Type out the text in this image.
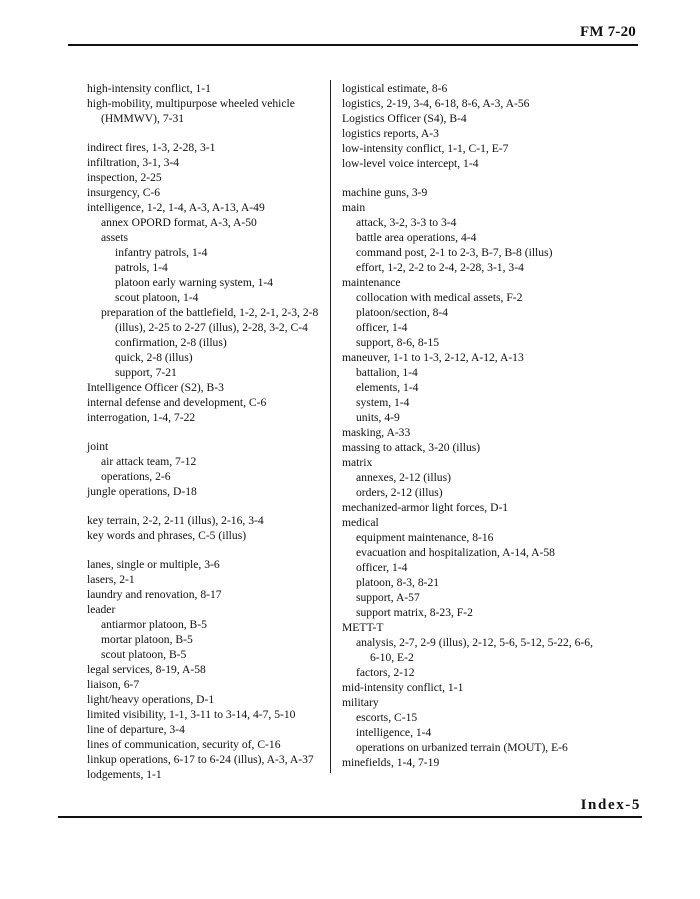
FM 7-20

high-intensity conflict, 1-1

high-mobility, multipurpose wheeled vehicle (HMMWV), 7-31

indirect fires, 1-3, 2-28, 3-1

infiltration, 3-1, 3-4

inspection, 2-25

insurgency, C-6

intelligence, 1-2, 1-4, A-3, A-13, A-49

annex OPORD format, A-3, A-50

assets

infantry patrols, 1-4

patrols, 1-4

platoon early warning system, 1-4

scout platoon, 1-4

preparation of the battlefield, 1-2, 2-1, 2-3, 2-8 (illus), 2-25 to 2-27 (illus), 2-28, 3-2, C-4

confirmation, 2-8 (illus)

quick, 2-8 (illus)

support, 7-21

Intelligence Officer (S2), B-3

internal defense and development, C-6

interrogation, 1-4, 7-22

joint

air attack team, 7-12

operations, 2-6

jungle operations, D-18

key terrain, 2-2, 2-11 (illus), 2-16, 3-4

key words and phrases, C-5 (illus)

lanes, single or multiple, 3-6

lasers, 2-1

laundry and renovation, 8-17

leader

antiarmor platoon, B-5

mortar platoon, B-5

scout platoon, B-5

legal services, 8-19, A-58

liaison, 6-7

light/heavy operations, D-1

limited visibility, 1-1, 3-11 to 3-14, 4-7, 5-10

line of departure, 3-4

lines of communication, security of, C-16

linkup operations, 6-17 to 6-24 (illus), A-3, A-37

lodgements, 1-1

logistical estimate, 8-6

logistics, 2-19, 3-4, 6-18, 8-6, A-3, A-56

Logistics Officer (S4), B-4

logistics reports, A-3

low-intensity conflict, 1-1, C-1, E-7

low-level voice intercept, 1-4

machine guns, 3-9

main

attack, 3-2, 3-3 to 3-4

battle area operations, 4-4

command post, 2-1 to 2-3, B-7, B-8 (illus)

effort, 1-2, 2-2 to 2-4, 2-28, 3-1, 3-4

maintenance

collocation with medical assets, F-2

platoon/section, 8-4

officer, 1-4

support, 8-6, 8-15

maneuver, 1-1 to 1-3, 2-12, A-12, A-13

battalion, 1-4

elements, 1-4

system, 1-4

units, 4-9

masking, A-33

massing to attack, 3-20 (illus)

matrix

annexes, 2-12 (illus)

orders, 2-12 (illus)

mechanized-armor light forces, D-1

medical

equipment maintenance, 8-16

evacuation and hospitalization, A-14, A-58

officer, 1-4

platoon, 8-3, 8-21

support, A-57

support matrix, 8-23, F-2

METT-T

analysis, 2-7, 2-9 (illus), 2-12, 5-6, 5-12, 5-22, 6-6, 6-10, E-2

factors, 2-12

mid-intensity conflict, 1-1

military

escorts, C-15

intelligence, 1-4

operations on urbanized terrain (MOUT), E-6

minefields, 1-4, 7-19

Index-5
